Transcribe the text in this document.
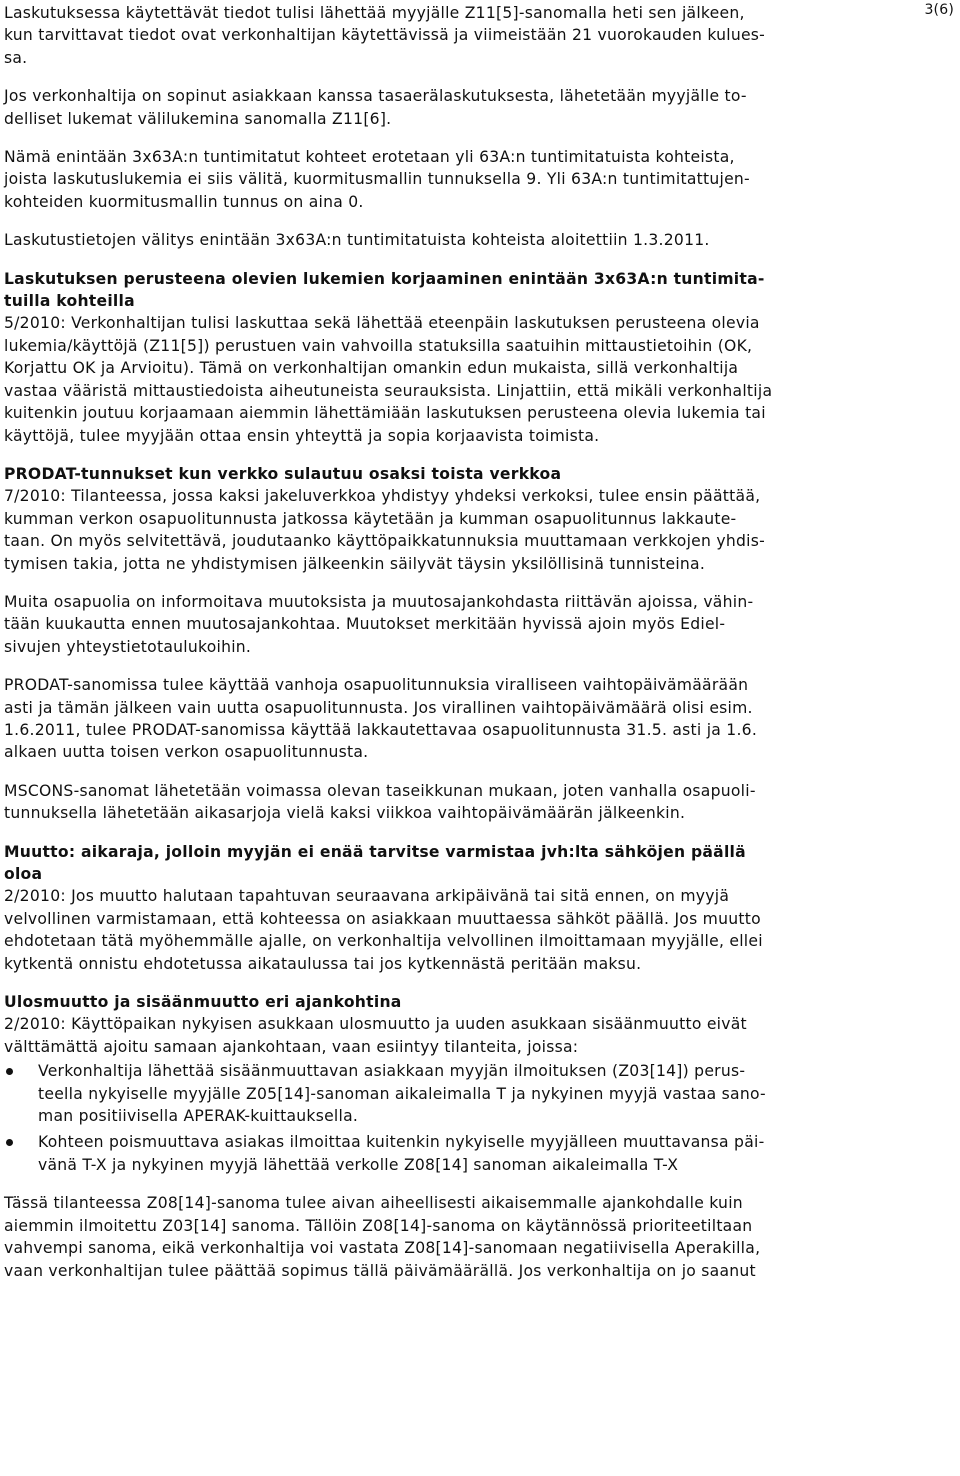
3(6)
Laskutuksessa käytettävät tiedot tulisi lähettää myyjälle Z11[5]-sanomalla heti sen jälkeen,
kun tarvittavat tiedot ovat verkonhaltijan käytettävissä ja viimeistään 21 vuorokauden kulues-
sa.
Jos verkonhaltija on sopinut asiakkaan kanssa tasaerälaskutuksesta, lähetetään myyjälle to-
delliset lukemat välilukemina sanomalla Z11[6].
Nämä enintään 3x63A:n tuntimitatut kohteet erotetaan yli 63A:n tuntimitatuista kohteista,
joista laskutuslukemia ei siis välitä, kuormitusmallin tunnuksella 9. Yli 63A:n tuntimitattujen-
kohteiden kuormitusmallin tunnus on aina 0.
Laskutustietojen välitys enintään 3x63A:n tuntimitatuista kohteista aloitettiin 1.3.2011.
Laskutuksen perusteena olevien lukemien korjaaminen enintään 3x63A:n tuntimita-
tuilla kohteilla
5/2010: Verkonhaltijan tulisi laskuttaa sekä lähettää eteenpäin laskutuksen perusteena olevia
lukemia/käyttöjä (Z11[5]) perustuen vain vahvoilla statuksilla saatuihin mittaustietoihin (OK,
Korjattu OK ja Arvioitu). Tämä on verkonhaltijan omankin edun mukaista, sillä verkonhaltija
vastaa vääristä mittaustiedoista aiheutuneista seurauksista. Linjattiin, että mikäli verkonhaltija
kuitenkin joutuu korjaamaan aiemmin lähettämiään laskutuksen perusteena olevia lukemia tai
käyttöjä, tulee myyjään ottaa ensin yhteyttä ja sopia korjaavista toimista.
PRODAT-tunnukset kun verkko sulautuu osaksi toista verkkoa
7/2010: Tilanteessa, jossa kaksi jakeluverkkoa yhdistyy yhdeksi verkoksi, tulee ensin päättää,
kumman verkon osapuolitunnusta jatkossa käytetään ja kumman osapuolitunnus lakkaute-
taan. On myös selvitettävä, joudutaanko käyttöpaikkatunnuksia muuttamaan verkkojen yhdis-
tymisen takia, jotta ne yhdistymisen jälkeenkin säilyvät täysin yksilöllisinä tunnisteina.
Muita osapuolia on informoitava muutoksista ja muutosajankohdasta riittävän ajoissa, vähin-
tään kuukautta ennen muutosajankohtaa. Muutokset merkitään hyvissä ajoin myös Ediel-
sivujen yhteystietotaulukoihin.
PRODAT-sanomissa tulee käyttää vanhoja osapuolitunnuksia viralliseen vaihtopäivämäärään
asti ja tämän jälkeen vain uutta osapuolitunnusta. Jos virallinen vaihtopäivämäärä olisi esim.
1.6.2011, tulee PRODAT-sanomissa käyttää lakkautettavaa osapuolitunnusta 31.5. asti ja 1.6.
alkaen uutta toisen verkon osapuolitunnusta.
MSCONS-sanomat lähetetään voimassa olevan taseikkunan mukaan, joten vanhalla osapuoli-
tunnuksella lähetetään aikasarjoja vielä kaksi viikkoa vaihtopäivämäärän jälkeenkin.
Muutto: aikaraja, jolloin myyjän ei enää tarvitse varmistaa jvh:lta sähköjen päällä
oloa
2/2010: Jos muutto halutaan tapahtuvan seuraavana arkipäivänä tai sitä ennen, on myyjä
velvollinen varmistamaan, että kohteessa on asiakkaan muuttaessa sähköt päällä. Jos muutto
ehdotetaan tätä myöhemmälle ajalle, on verkonhaltija velvollinen ilmoittamaan myyjälle, ellei
kytkentä onnistu ehdotetussa aikataulussa tai jos kytkennästä peritään maksu.
Ulosmuutto ja sisäänmuutto eri ajankohtina
2/2010: Käyttöpaikan nykyisen asukkaan ulosmuutto ja uuden asukkaan sisäänmuutto eivät
välttämättä ajoitu samaan ajankohtaan, vaan esiintyy tilanteita, joissa:
Verkonhaltija lähettää sisäänmuuttavan asiakkaan myyjän ilmoituksen (Z03[14]) perus-
teella nykyiselle myyjälle Z05[14]-sanoman aikaleimalla T ja nykyinen myyjä vastaa sano-
man positiivisella APERAK-kuittauksella.
Kohteen poismuuttava asiakas ilmoittaa kuitenkin nykyiselle myyjälleen muuttavansa päi-
vänä T-X ja nykyinen myyjä lähettää verkolle Z08[14] sanoman aikaleimalla T-X
Tässä tilanteessa Z08[14]-sanoma tulee aivan aiheellisesti aikaisemmalle ajankohdalle kuin
aiemmin ilmoitettu Z03[14] sanoma. Tällöin Z08[14]-sanoma on käytännössä prioriteetiltaan
vahvempi sanoma, eikä verkonhaltija voi vastata Z08[14]-sanomaan negatiivisella Aperakilla,
vaan verkonhaltijan tulee päättää sopimus tällä päivämäärällä. Jos verkonhaltija on jo saanut
